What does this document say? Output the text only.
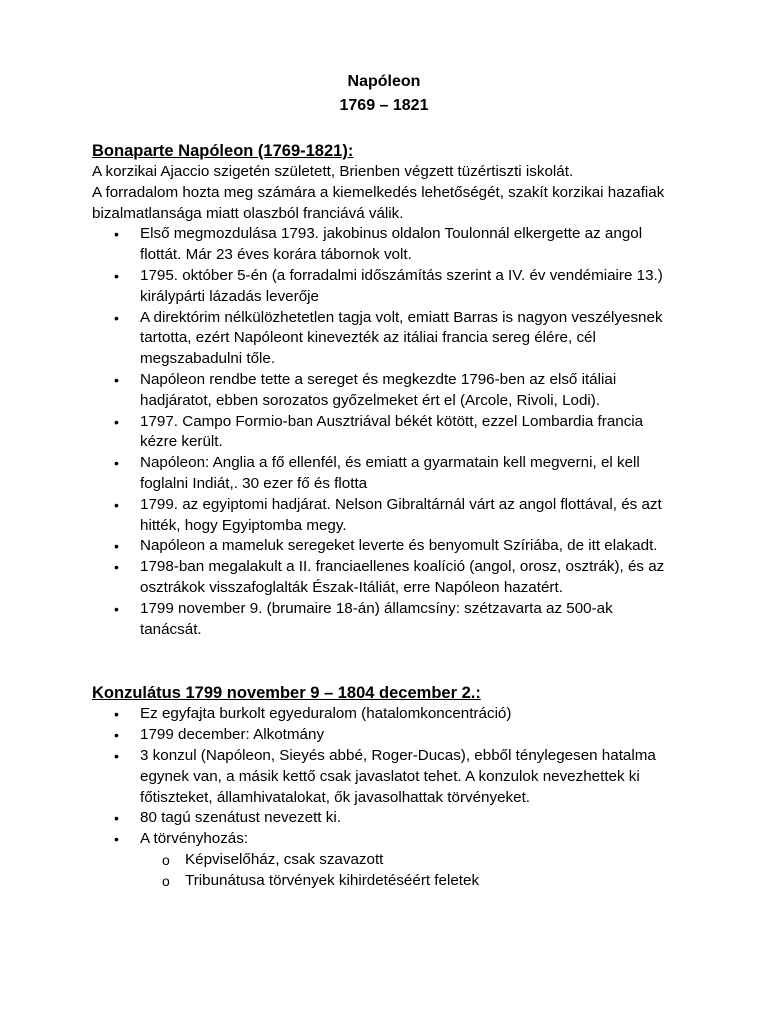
Napóleon
1769 – 1821
Bonaparte Napóleon (1769-1821):

A korzikai Ajaccio szigetén született, Brienben végzett tüzértiszti iskolát.

A forradalom hozta meg számára a kiemelkedés lehetőségét, szakít korzikai hazafiak bizalmatlansága miatt olaszból franciává válik.

• Első megmozdulása 1793. jakobinus oldalon Toulonnál elkergette az angol flottát. Már 23 éves korára tábornok volt.
• 1795. október 5-én (a forradalmi időszámítás szerint a IV. év vendémiaire 13.) királypárti lázadás leverője
• A direktórim nélkülözhetetlen tagja volt, emiatt Barras is nagyon veszélyesnek tartotta, ezért Napóleont kinevezték az itáliai francia sereg élére, cél megszabadulni tőle.
• Napóleon rendbe tette a sereget és megkezdte 1796-ben az első itáliai hadjáratot, ebben sorozatos győzelmeket ért el (Arcole, Rivoli, Lodi).
• 1797. Campo Formio-ban Ausztriával békét kötött, ezzel Lombardia francia kézre került.
• Napóleon: Anglia a fő ellenfél, és emiatt a gyarmatain kell megverni, el kell foglalni Indiát,. 30 ezer fő és flotta
• 1799. az egyiptomi hadjárat. Nelson Gibraltárnál várt az angol flottával, és azt hitték, hogy Egyiptomba megy.
• Napóleon a mameluk seregeket leverte és benyomult Szíriába, de itt elakadt.
• 1798-ban megalakult a II. franciaellenes koalíció (angol, orosz, osztrák), és az osztrákok visszafoglalták Észak-Itáliát, erre Napóleon hazatért.
• 1799 november 9. (brumaire 18-án) államcsíny: szétzavarta az 500-ak tanácsát.
Konzulátus 1799 november 9 – 1804 december 2.:
• Ez egyfajta burkolt egyeduralom (hatalomkoncentráció)
• 1799 december: Alkotmány
• 3 konzul (Napóleon, Sieyés abbé, Roger-Ducas), ebből ténylegesen hatalma egynek van, a másik kettő csak javaslatot tehet. A konzulok nevezhettek ki főtiszteket, államhivatalokat, ők javasolhattak törvényeket.
• 80 tagú szenátust nevezett ki.
• A törvényhozás:
o Képviselőház, csak szavazott
o Tribunátusa törvények kihirdetéséért feletek
